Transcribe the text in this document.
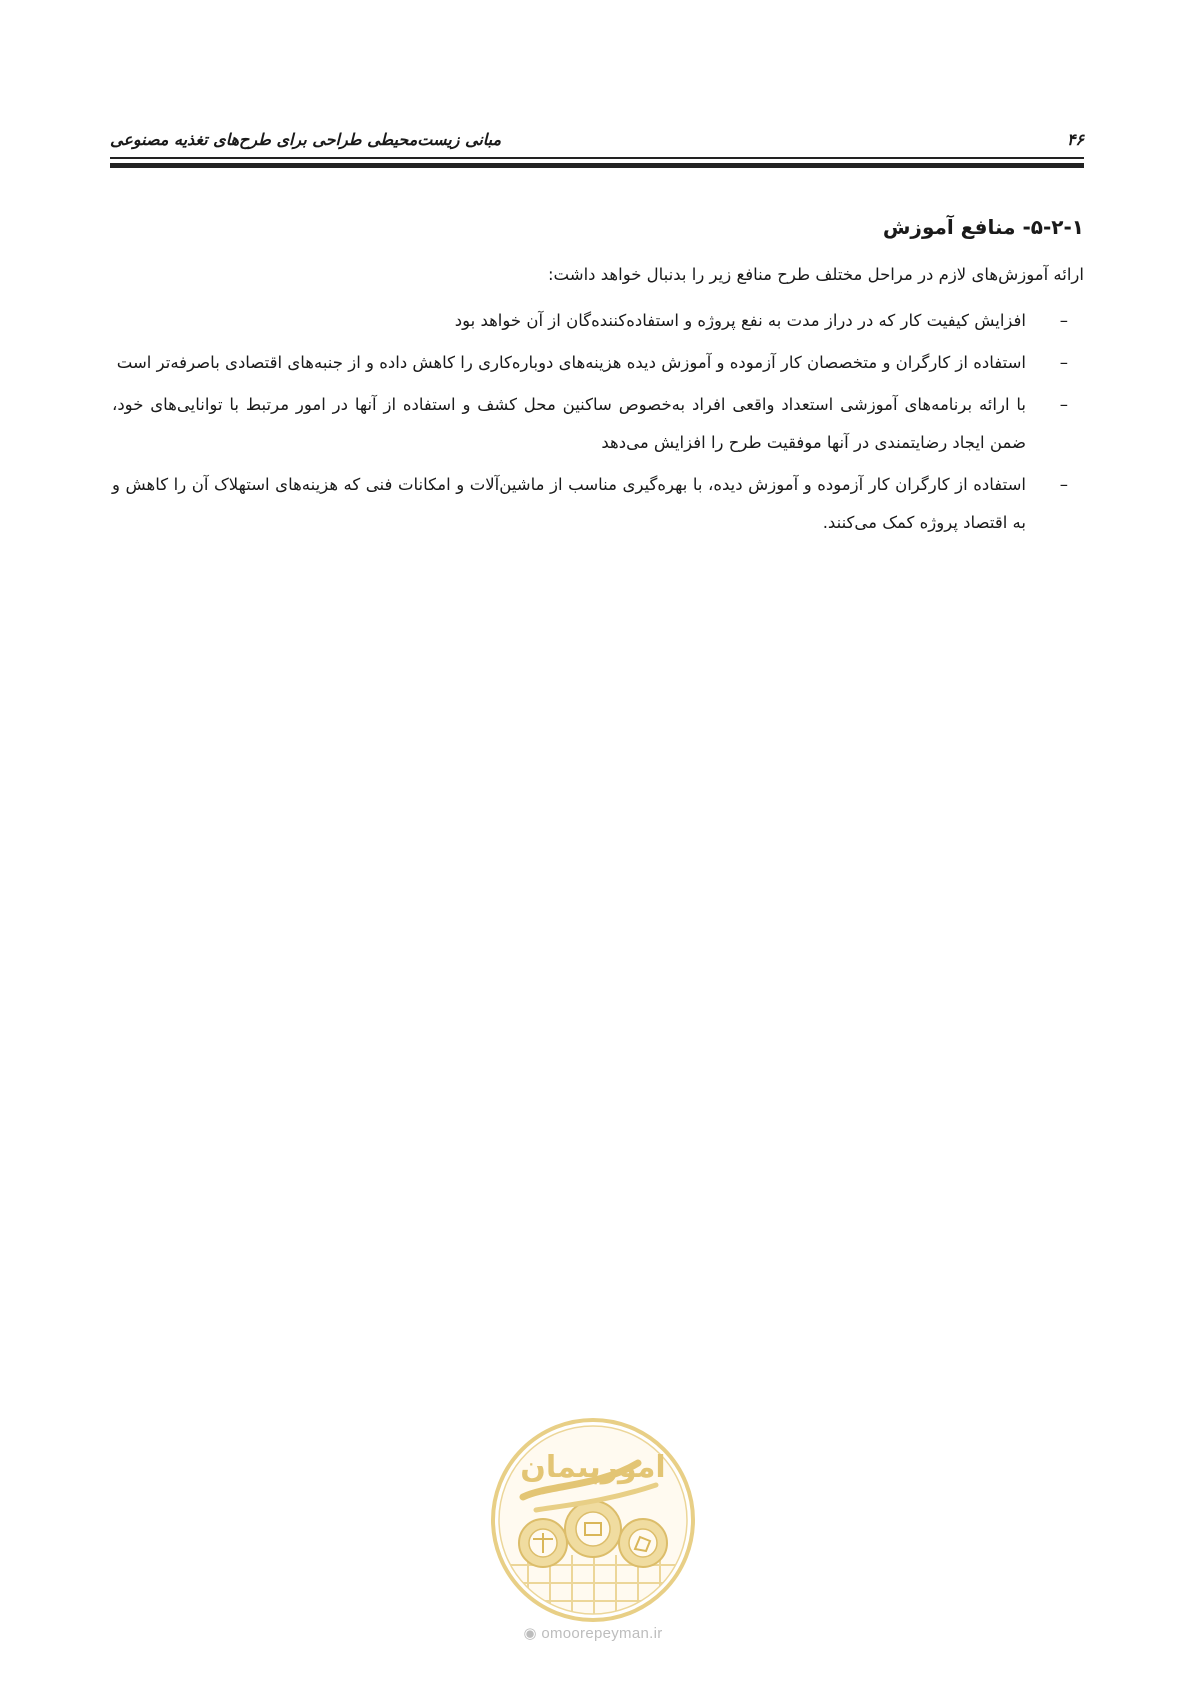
۴۶
مبانی زیست‌محیطی طراحی برای طرح‌های تغذیه مصنوعی
۵-۲-۱- منافع آموزش

ارائه آموزش‌های لازم در مراحل مختلف طرح منافع زیر را بدنبال خواهد داشت:

–
افزایش کیفیت کار که در دراز مدت به نفع پروژه و استفاده‌کننده‌گان از آن خواهد بود
–
استفاده از کارگران و متخصصان کار آزموده و آموزش دیده هزینه‌های دوباره‌کاری را کاهش داده و از جنبه‌های اقتصادی باصرفه‌تر است
–
با ارائه برنامه‌های آموزشی استعداد واقعی افراد به‌خصوص ساکنین محل کشف و استفاده از آنها در امور مرتبط با توانایی‌های خود، ضمن ایجاد رضایتمندی در آنها موفقیت طرح را افزایش می‌دهد
–
استفاده از کارگران کار آزموده و آموزش دیده، با بهره‌گیری مناسب از ماشین‌آلات و امکانات فنی که هزینه‌های استهلاک آن را کاهش و به اقتصاد پروژه کمک می‌کنند.
امورپیمان
◉ omoorepeyman.ir
